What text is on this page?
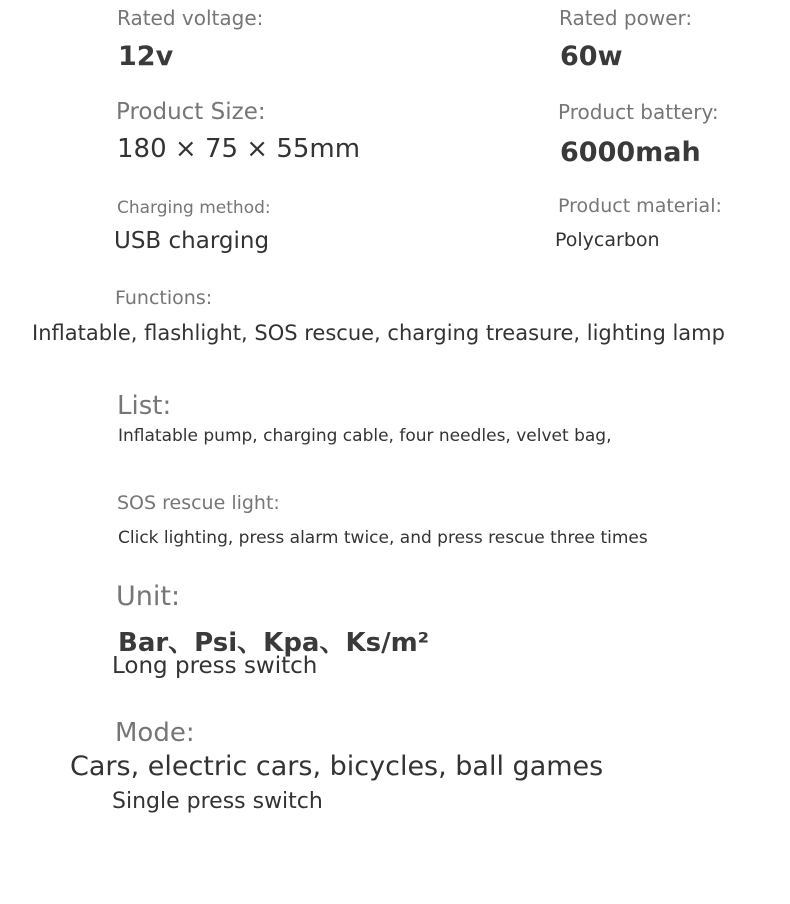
Rated voltage:
12v
Rated power:
60w
Product Size:
180 × 75 × 55mm
Product battery:
6000mah
Charging method:
USB charging
Product material:
Polycarbon
Functions:
Inflatable, flashlight, SOS rescue, charging treasure, lighting lamp
List:
Inflatable pump, charging cable, four needles, velvet bag,
SOS rescue light:
Click lighting, press alarm twice, and press rescue three times
Unit:
Bar、Psi、Kpa、Ks/m²
Long press switch
Mode:
Cars, electric cars, bicycles, ball games
Single press switch
